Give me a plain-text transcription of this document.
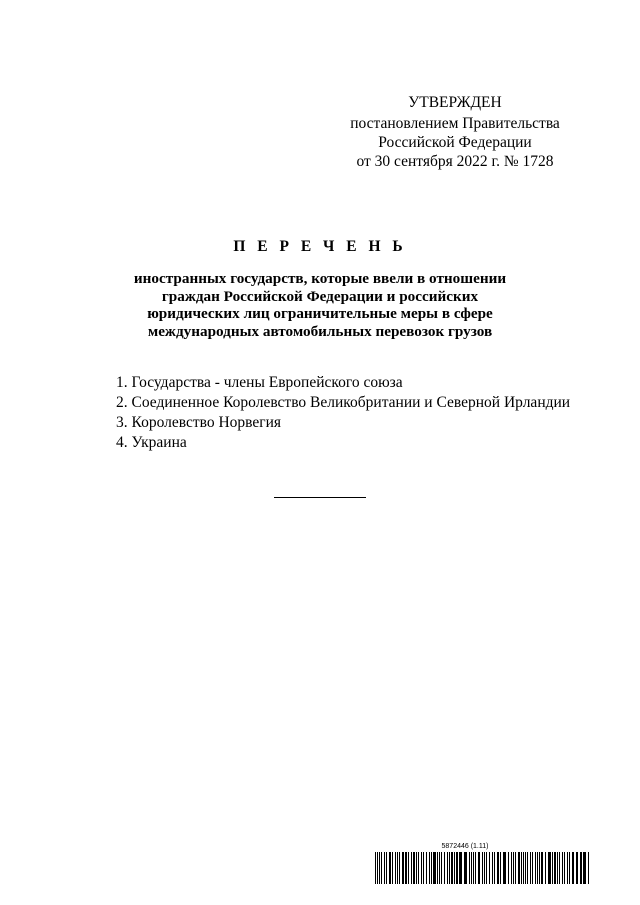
УТВЕРЖДЕН
постановлением Правительства
Российской Федерации
от 30 сентября 2022 г. № 1728
П Е Р Е Ч Е Н Ь
иностранных государств, которые ввели в отношении
граждан Российской Федерации и российских
юридических лиц ограничительные меры в сфере
международных автомобильных перевозок грузов
1. Государства - члены Европейского союза
2. Соединенное Королевство Великобритании и Северной Ирландии
3. Королевство Норвегия
4. Украина
5872446 (1.11)
